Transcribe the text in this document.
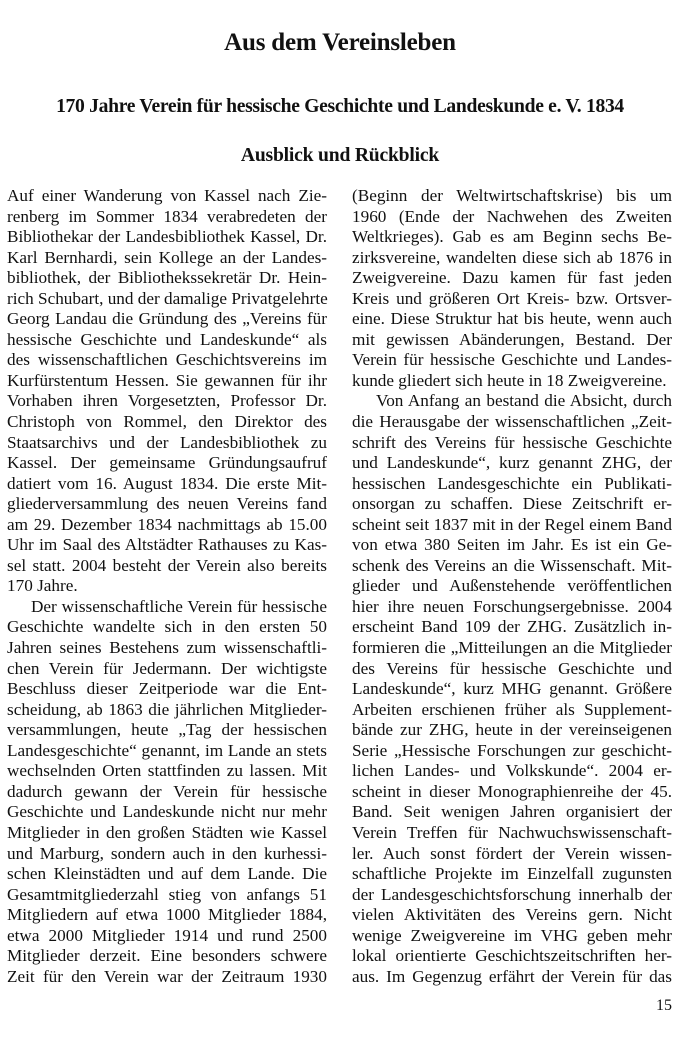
Aus dem Vereinsleben
170 Jahre Verein für hessische Geschichte und Landeskunde e. V. 1834
Ausblick und Rückblick
Auf einer Wanderung von Kassel nach Zie-
renberg im Sommer 1834 verabredeten der
Bibliothekar der Landesbibliothek Kassel, Dr.
Karl Bernhardi, sein Kollege an der Landes-
bibliothek, der Bibliothekssekretär Dr. Hein-
rich Schubart, und der damalige Privatgelehrte
Georg Landau die Gründung des „Vereins für
hessische Geschichte und Landeskunde“ als
des wissenschaftlichen Geschichtsvereins im
Kurfürstentum Hessen. Sie gewannen für ihr
Vorhaben ihren Vorgesetzten, Professor Dr.
Christoph von Rommel, den Direktor des
Staatsarchivs und der Landesbibliothek zu
Kassel. Der gemeinsame Gründungsaufruf
datiert vom 16. August 1834. Die erste Mit-
gliederversammlung des neuen Vereins fand
am 29. Dezember 1834 nachmittags ab 15.00
Uhr im Saal des Altstädter Rathauses zu Kas-
sel statt. 2004 besteht der Verein also bereits
170 Jahre.
Der wissenschaftliche Verein für hessische
Geschichte wandelte sich in den ersten 50
Jahren seines Bestehens zum wissenschaftli-
chen Verein für Jedermann. Der wichtigste
Beschluss dieser Zeitperiode war die Ent-
scheidung, ab 1863 die jährlichen Mitglieder-
versammlungen, heute „Tag der hessischen
Landesgeschichte“ genannt, im Lande an stets
wechselnden Orten stattfinden zu lassen. Mit
dadurch gewann der Verein für hessische
Geschichte und Landeskunde nicht nur mehr
Mitglieder in den großen Städten wie Kassel
und Marburg, sondern auch in den kurhessi-
schen Kleinstädten und auf dem Lande. Die
Gesamtmitgliederzahl stieg von anfangs 51
Mitgliedern auf etwa 1000 Mitglieder 1884,
etwa 2000 Mitglieder 1914 und rund 2500
Mitglieder derzeit. Eine besonders schwere
Zeit für den Verein war der Zeitraum 1930
(Beginn der Weltwirtschaftskrise) bis um
1960 (Ende der Nachwehen des Zweiten
Weltkrieges). Gab es am Beginn sechs Be-
zirksvereine, wandelten diese sich ab 1876 in
Zweigvereine. Dazu kamen für fast jeden
Kreis und größeren Ort Kreis- bzw. Ortsver-
eine. Diese Struktur hat bis heute, wenn auch
mit gewissen Abänderungen, Bestand. Der
Verein für hessische Geschichte und Landes-
kunde gliedert sich heute in 18 Zweigvereine.
Von Anfang an bestand die Absicht, durch
die Herausgabe der wissenschaftlichen „Zeit-
schrift des Vereins für hessische Geschichte
und Landeskunde“, kurz genannt ZHG, der
hessischen Landesgeschichte ein Publikati-
onsorgan zu schaffen. Diese Zeitschrift er-
scheint seit 1837 mit in der Regel einem Band
von etwa 380 Seiten im Jahr. Es ist ein Ge-
schenk des Vereins an die Wissenschaft. Mit-
glieder und Außenstehende veröffentlichen
hier ihre neuen Forschungsergebnisse. 2004
erscheint Band 109 der ZHG. Zusätzlich in-
formieren die „Mitteilungen an die Mitglieder
des Vereins für hessische Geschichte und
Landeskunde“, kurz MHG genannt. Größere
Arbeiten erschienen früher als Supplement-
bände zur ZHG, heute in der vereinseigenen
Serie „Hessische Forschungen zur geschicht-
lichen Landes- und Volkskunde“. 2004 er-
scheint in dieser Monographienreihe der 45.
Band. Seit wenigen Jahren organisiert der
Verein Treffen für Nachwuchswissenschaft-
ler. Auch sonst fördert der Verein wissen-
schaftliche Projekte im Einzelfall zugunsten
der Landesgeschichtsforschung innerhalb der
vielen Aktivitäten des Vereins gern. Nicht
wenige Zweigvereine im VHG geben mehr
lokal orientierte Geschichtszeitschriften her-
aus. Im Gegenzug erfährt der Verein für das
15
